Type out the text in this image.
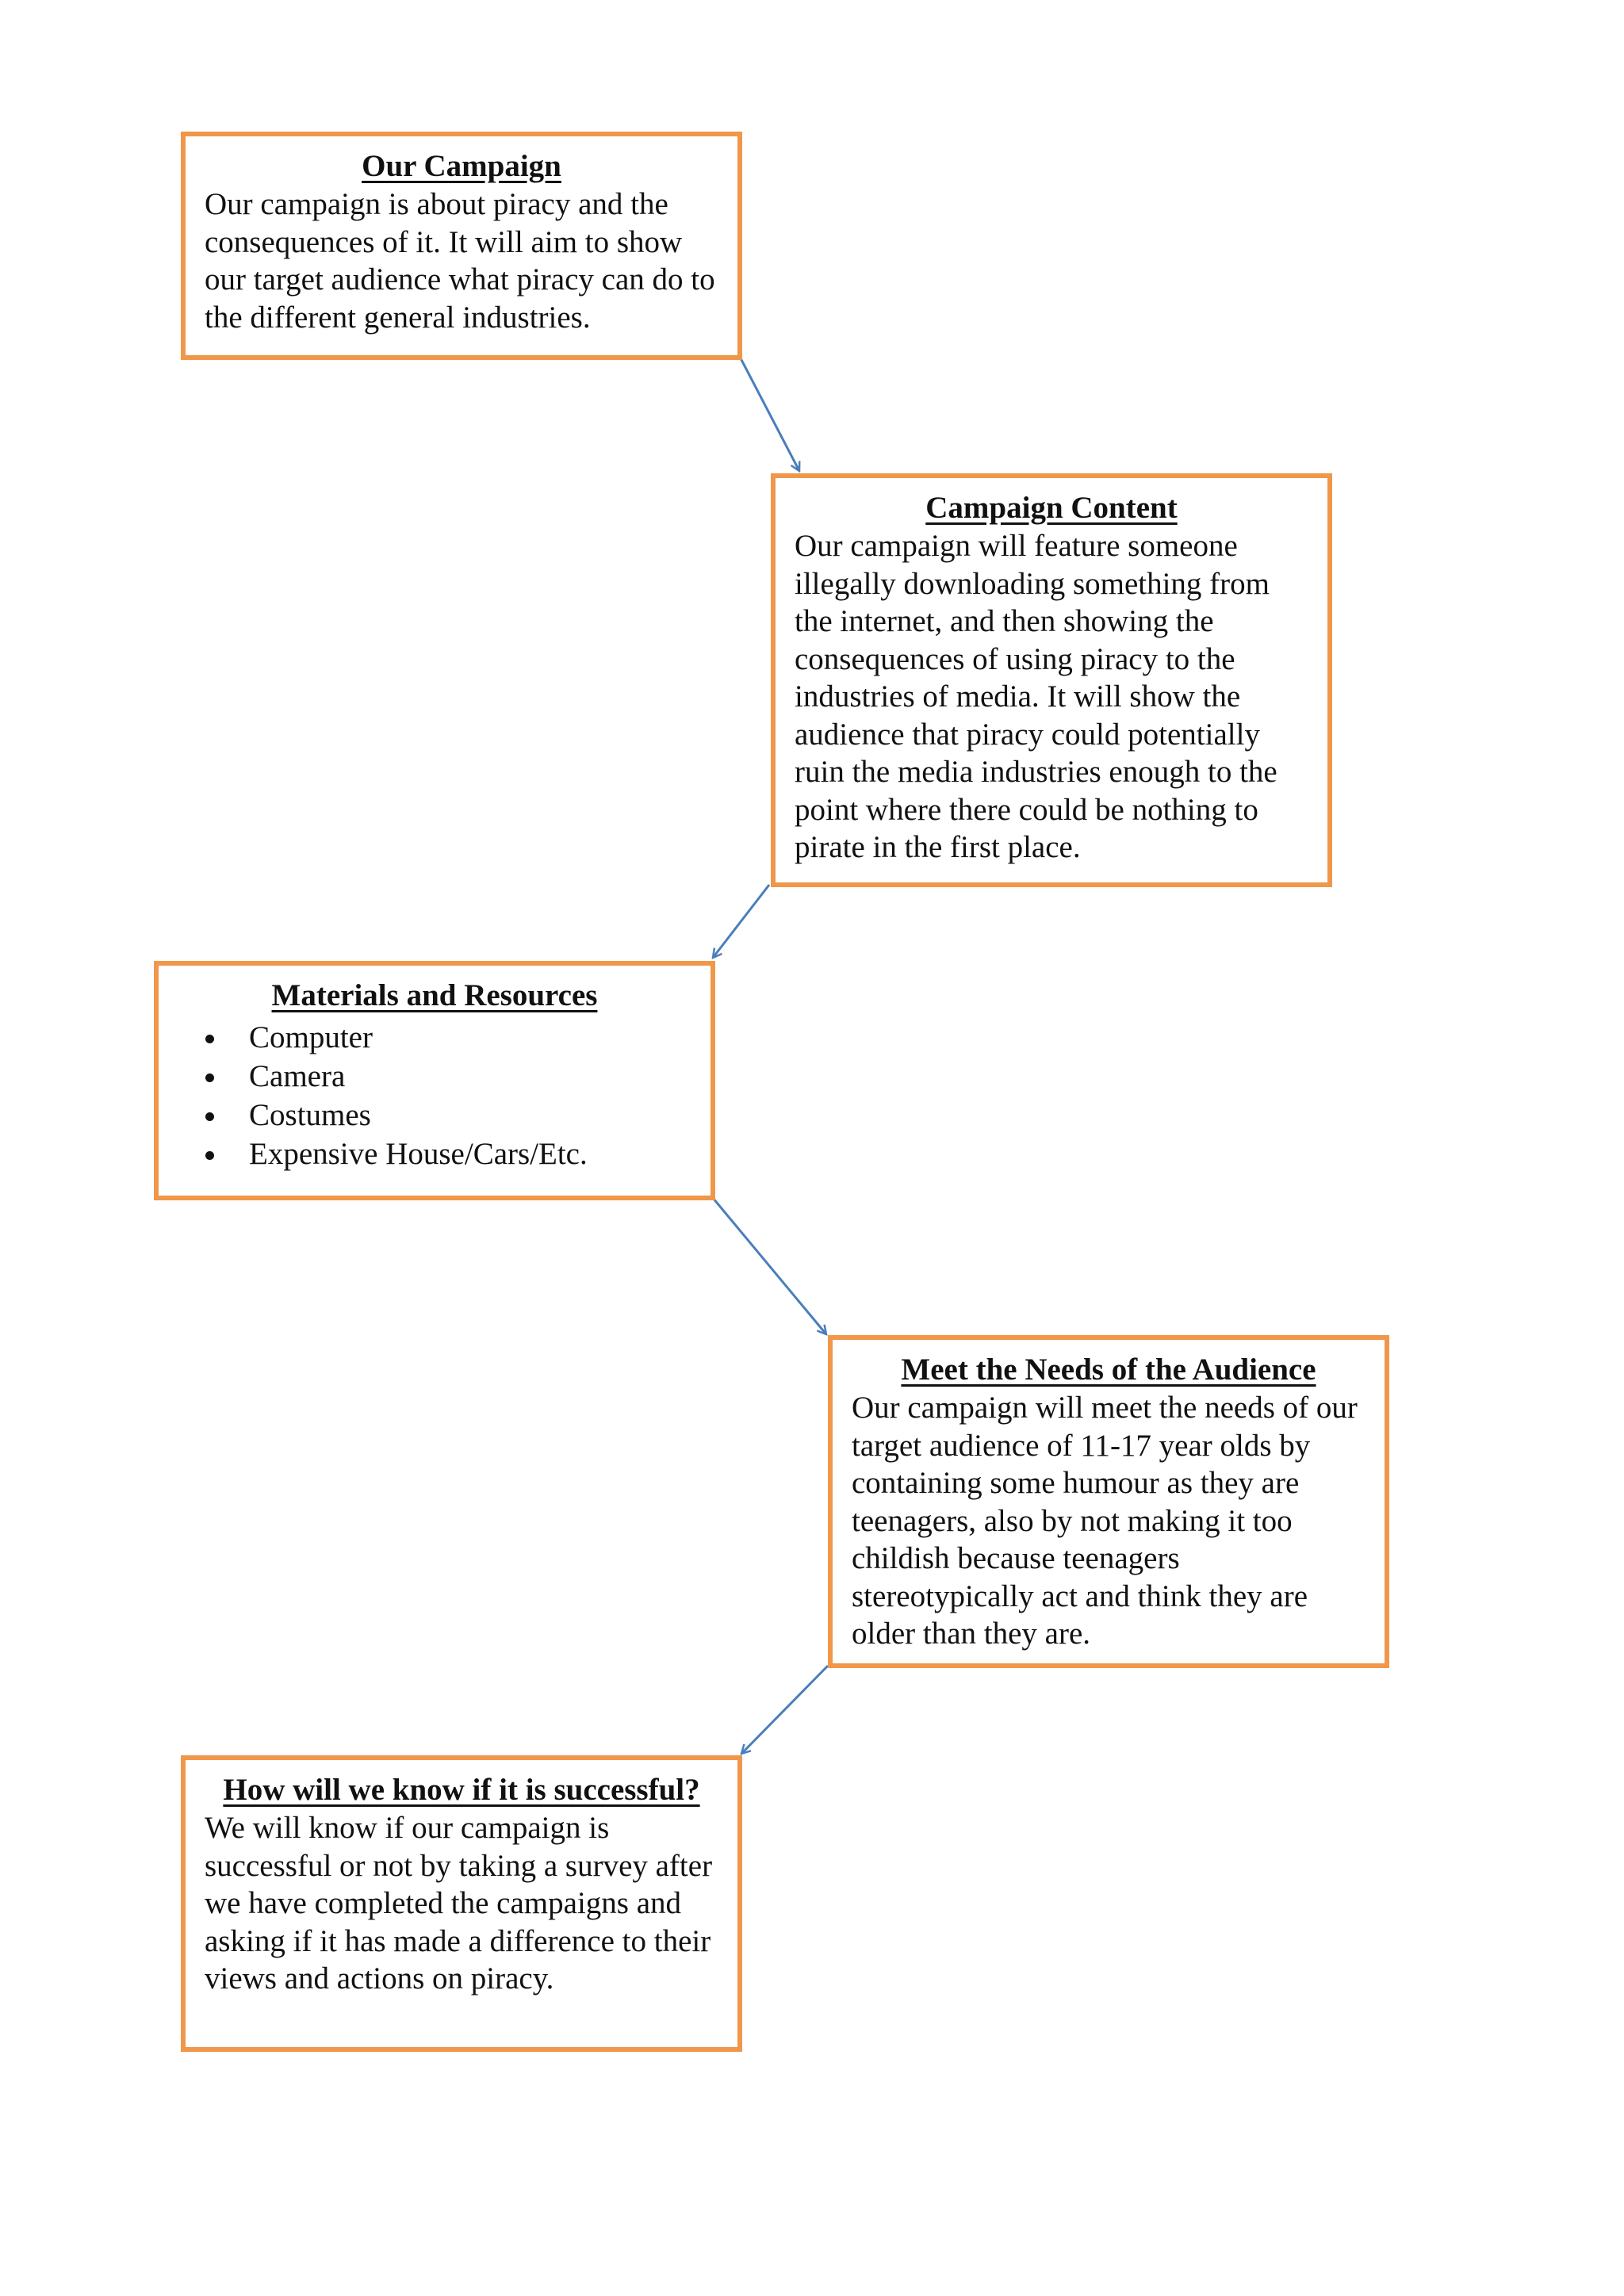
Our Campaign

Our campaign is about piracy and the consequences of it. It will aim to show our target audience what piracy can do to the different general industries.

Campaign Content

Our campaign will feature someone illegally downloading something from the internet, and then showing the consequences of using piracy to the industries of media. It will show the audience that piracy could potentially ruin the media industries enough to the point where there could be nothing to pirate in the first place.

Materials and Resources
• Computer
• Camera
• Costumes
• Expensive House/Cars/Etc.
Meet the Needs of the Audience

Our campaign will meet the needs of our target audience of 11-17 year olds by containing some humour as they are teenagers, also by not making it too childish because teenagers stereotypically act and think they are older than they are.

How will we know if it is successful?

We will know if our campaign is successful or not by taking a survey after we have completed the campaigns and asking if it has made a difference to their views and actions on piracy.
